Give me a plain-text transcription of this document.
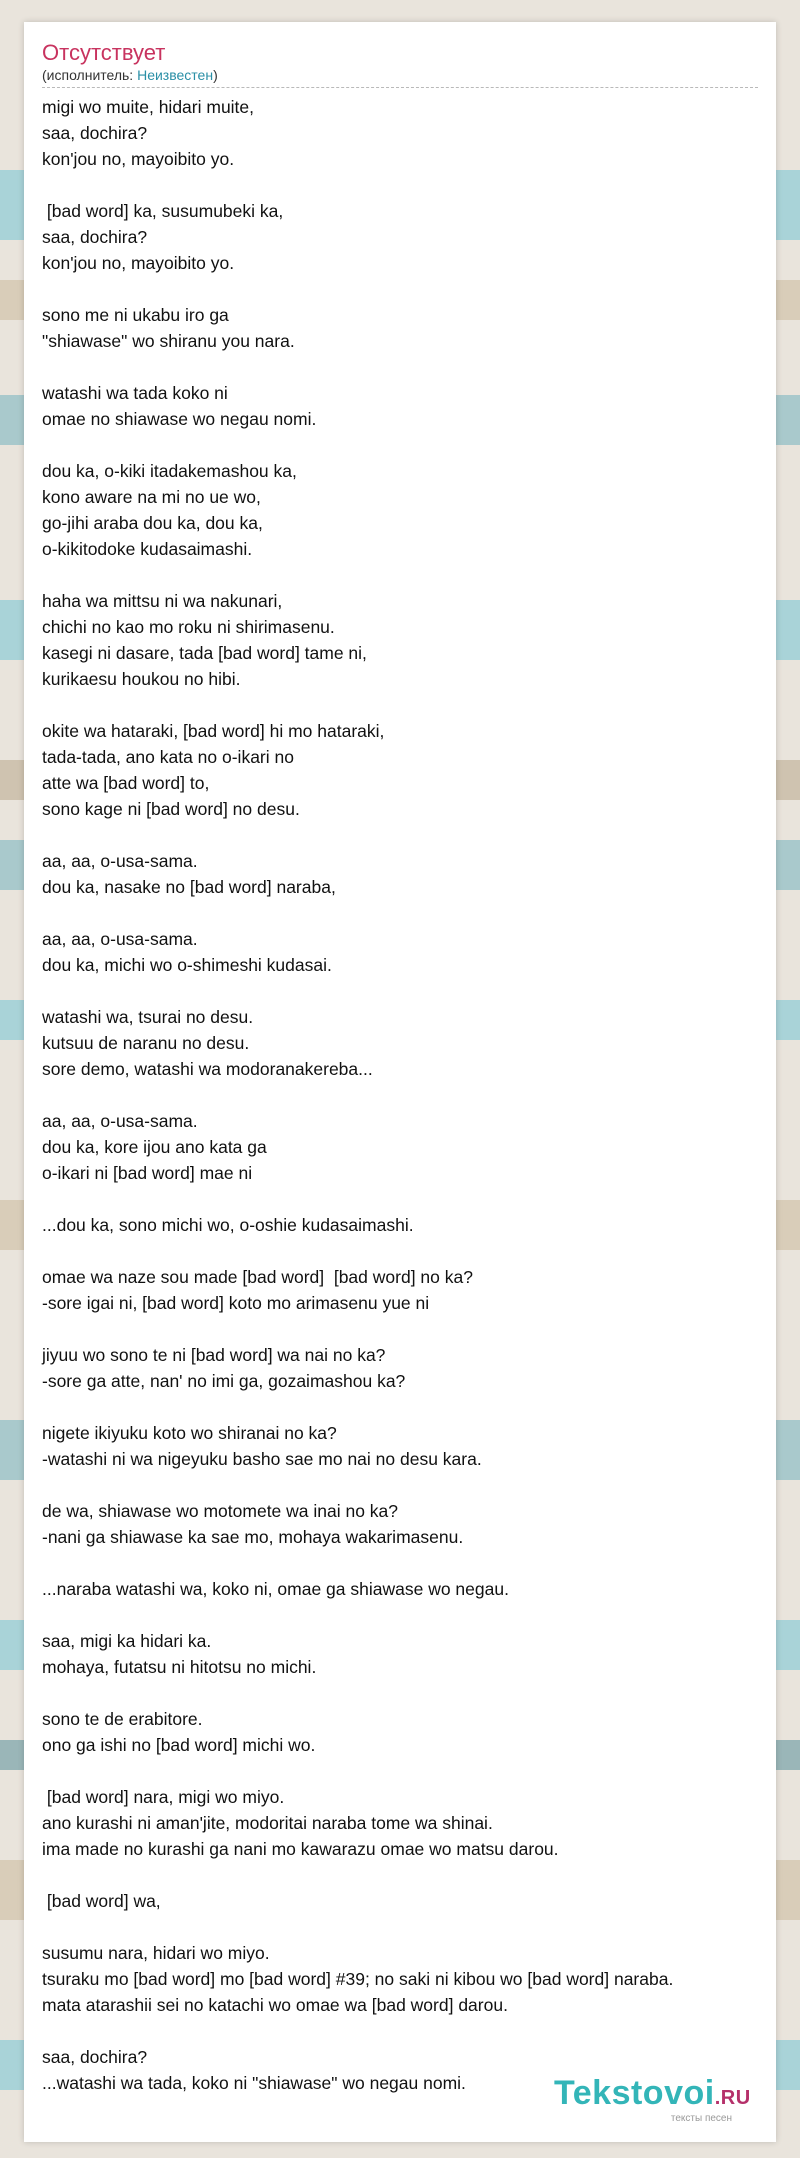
Отсутствует
(исполнитель: Неизвестен)
migi wo muite, hidari muite,
saa, dochira?
kon'jou no, mayoibito yo.

[bad word] ka, susumubeki ka,
saa, dochira?
kon'jou no, mayoibito yo.

sono me ni ukabu iro ga
"shiawase" wo shiranu you nara.

watashi wa tada koko ni
omae no shiawase wo negau nomi.

dou ka, o-kiki itadakemashou ka,
kono aware na mi no ue wo,
go-jihi araba dou ka, dou ka,
o-kikitodoke kudasaimashi.

haha wa mittsu ni wa nakunari,
chichi no kao mo roku ni shirimasenu.
kasegi ni dasare, tada [bad word] tame ni,
kurikaesu houkou no hibi.

okite wa hataraki, [bad word] hi mo hataraki,
tada-tada, ano kata no o-ikari no
atte wa [bad word] to,
sono kage ni [bad word] no desu.

aa, aa, o-usa-sama.
dou ka, nasake no [bad word] naraba,

aa, aa, o-usa-sama.
dou ka, michi wo o-shimeshi kudasai.

watashi wa, tsurai no desu.
kutsuu de naranu no desu.
sore demo, watashi wa modoranakereba...

aa, aa, o-usa-sama.
dou ka, kore ijou ano kata ga
o-ikari ni [bad word] mae ni

...dou ka, sono michi wo, o-oshie kudasaimashi.

omae wa naze sou made [bad word]  [bad word] no ka?
-sore igai ni, [bad word] koto mo arimasenu yue ni

jiyuu wo sono te ni [bad word] wa nai no ka?
-sore ga atte, nan' no imi ga, gozaimashou ka?

nigete ikiyuku koto wo shiranai no ka?
-watashi ni wa nigeyuku basho sae mo nai no desu kara.

de wa, shiawase wo motomete wa inai no ka?
-nani ga shiawase ka sae mo, mohaya wakarimasenu.

...naraba watashi wa, koko ni, omae ga shiawase wo negau.

saa, migi ka hidari ka.
mohaya, futatsu ni hitotsu no michi.

sono te de erabitore.
ono ga ishi no [bad word] michi wo.

[bad word] nara, migi wo miyo.
ano kurashi ni aman'jite, modoritai naraba tome wa shinai.
ima made no kurashi ga nani mo kawarazu omae wo matsu darou.

[bad word] wa,

susumu nara, hidari wo miyo.
tsuraku mo [bad word] mo [bad word] #39; no saki ni kibou wo [bad word] naraba.
mata atarashii sei no katachi wo omae wa [bad word] darou.

saa, dochira?
...watashi wa tada, koko ni "shiawase" wo negau nomi.	Tekstovoi.RU
тексты песен
